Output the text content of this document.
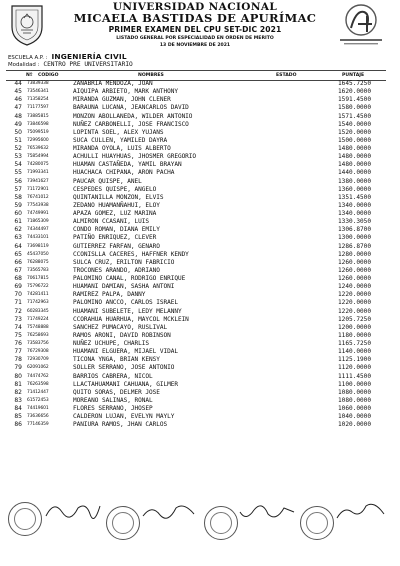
UNIVERSIDAD NACIONAL
MICAELA BASTIDAS DE APURÍMAC
PRIMER EXAMEN DEL CPU SET-DIC 2021
LISTADO GENERAL POR ESPECIALIDAD EN ORDEN DE MERITO
13 DE NOVIEMBRE DE 2021
ESCUELA A.P. : INGENIERÍA CIVIL
Modalidad : CENTRO PRE UNIVERSITARIO
Nº CODIGO	NOMBRES	ESTADO	PUNTAJE
44 73839338	ZANABRIA MENDOZA, JOAN	1645.7250
45 73546341	AIQUIPA ARBIETO, MARK ANTHONY	1620.0000
46 71358254	MIRANDA GUZMAN, JOHN CLENER	1591.4500
47 71177597	BARAUNA LUCANA, JEANCARLOS DAVID	1580.0000
48 73885815	MONZON ABOLLANEDA, WILDER ANTONIO	1571.4500
49 73846598	NUÑEZ CARBONELLI, JOSE FRANCISCO	1540.0000
50 75099519	LOPINTA SOEL, ALEX YUJANS	1520.0000
51 72995600	SUCA CULLEN, YAMILED DAYRA	1500.0000
52 76539632	MIRANDA OYOLA, LUIS ALBERTO	1480.0000
53 75854994	ACHULLI HUAYHUAS, JHOSMER GREGORIO	1480.0000
54 74280075	HUAMAN CASTAÑEDA, YAMIL BRAYAN	1480.0000
55 71993341	HUACHACA CHIPANA, ARON PACHA	1440.0000
56 73941627	PAUCAR QUISPE, ANEL	1380.0000
57 71172901	CESPEDES QUISPE, ANGELO	1360.0000
58 76741012	QUINTANILLA MONZON, ELVIS	1351.4500
59 77543938	ZEDANO HUAMANÑAHUI, ELOY	1340.0000
60 74749991	APAZA GOMEZ, LUZ MARINA	1340.0000
61 71865309	ALMIRON CCASANI, LUIS	1330.3050
62 74344497	CONDO ROMAN, DIANA EMILY	1306.8700
63 74433101	PATIÑO ENRIQUEZ, CLEVER	1300.0000
64 73698119	GUTIERREZ FARFAN, GENARO	1286.8700
65 45437050	CCONISLLA CACERES, HAFFNER KENDY	1280.0000
66 76288075	SULCA CRUZ, ERILTON FABRICIO	1260.0000
67 73565783	TROCONES ARANDO, ADRIANO	1260.0000
68 70617815	PALOMINO CANAL, RODRIGO ENRIQUE	1260.0000
69 75796722	HUAMANI DAMIAN, SASHA ANTONI	1240.0000
70 74281411	RAMIREZ PALPA, DANNY	1220.0000
71 71742963	PALOMINO ANCCO, CARLOS ISRAEL	1220.0000
72 60283345	HUAMANI SUBELETE, LEDY MELANNY	1220.0000
73 71749224	CCORAHUA HUARHUA, MAYCOL MCKLEIN	1205.7250
74 75748888	SANCHEZ PUMACAYO, RUSLIVAL	1200.0000
75 76258693	RAMOS ARONI, DAVID ROBINSON	1180.0000
76 73583756	NUÑEZ UCHUPE, CHARLIS	1165.7250
77 76729308	HUAMANI ELGUERA, MIJAEL VIDAL	1140.0000
78 72930709	TICONA YNGA, BRIAN KENSY	1125.1900
79 62091062	SOLLER SERRANO, JOSE ANTONIO	1120.0000
80 74474762	BARRIOS CABRERA, NICOL	1111.4500
81 76263598	LLACTAHUAMANI CAHUANA, GILMER	1100.0000
82 71412447	QUITO SORAS, DELMER JOSE	1080.0000
83 61572453	MOREANO SALINAS, RONAL	1080.0000
84 74419601	FLORES SERRANO, JHOSEP	1060.0000
85 73636656	CALDERON LUJAN, EVELYN MAYLY	1040.0000
86 77146359	PANIURA RAMOS, JHAN CARLOS	1020.0000
